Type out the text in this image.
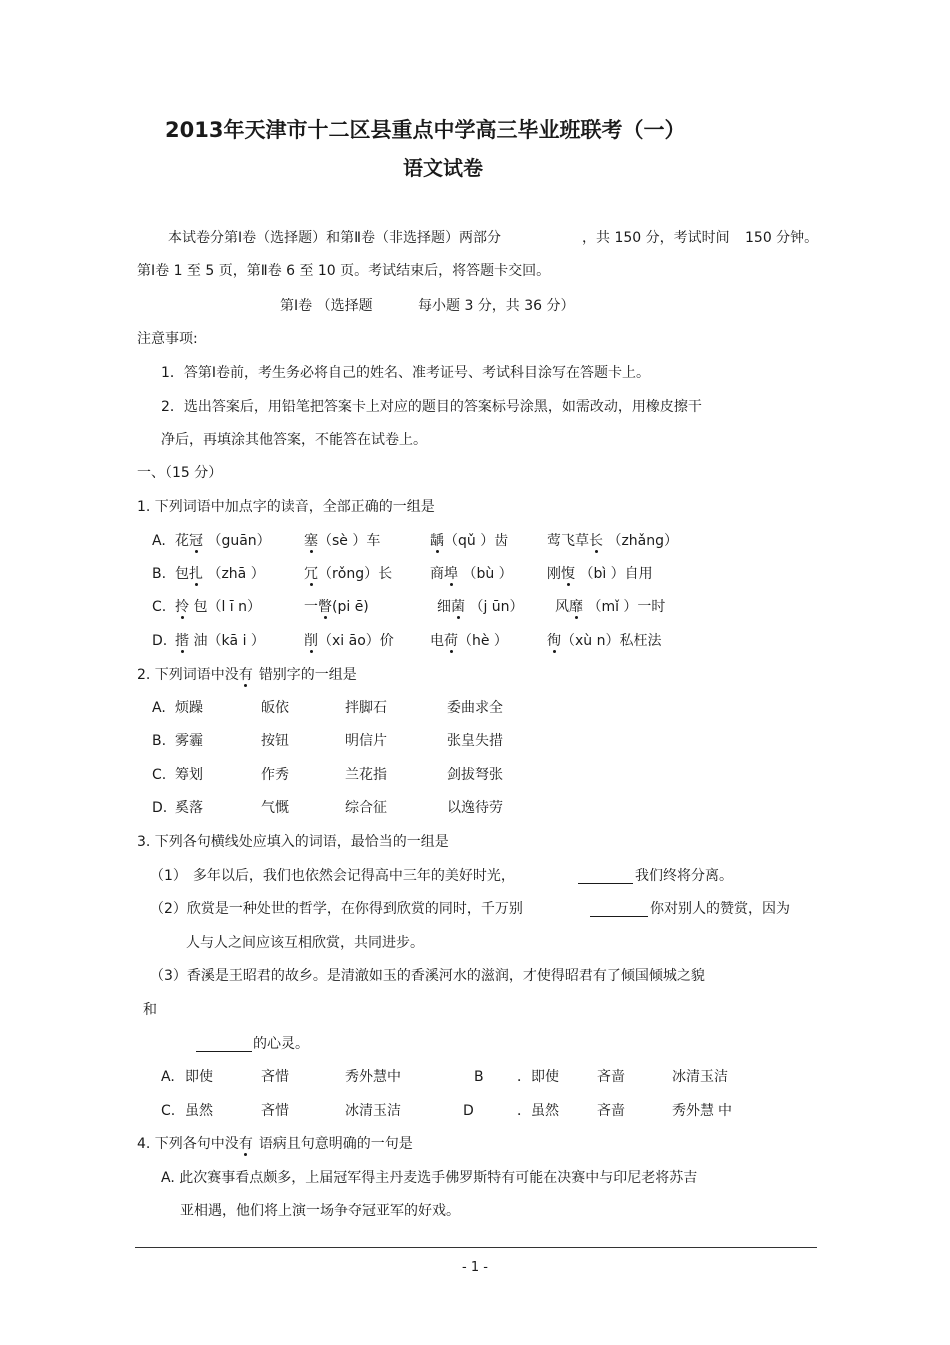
2013年天津市十二区县重点中学高三毕业班联考（一）
语文试卷
本试卷分第Ⅰ卷（选择题）和第Ⅱ卷（非选择题）两部分	，共 150 分，考试时间 150 分钟。
第Ⅰ卷 1 至 5 页，第Ⅱ卷 6 至 10 页。考试结束后，将答题卡交回。
第Ⅰ卷 （选择题	每小题 3 分，共 36 分）
注意事项:
1．答第Ⅰ卷前，考生务必将自己的姓名、准考证号、考试科目涂写在答题卡上。
2．选出答案后，用铅笔把答案卡上对应的题目的答案标号涂黑，如需改动，用橡皮擦干
净后，再填涂其他答案，不能答在试卷上。
一、（15 分）
1. 下列词语中加点字的读音，全部正确的一组是
A. 花冠 （guān） 塞（sè ）车	龋（qǔ ）齿	莺飞草长 （zhǎng）
B. 包扎 （zhā ）	冗（rǒng）长	商埠 （bù ） 刚愎 （bì ）自用
C. 拎 包（l ī n）	一瞥(pi ē)	细菌 （j ūn） 风靡 （mǐ ）一时
D. 揩 油（kā i ）	削（xi āo）价	电荷（hè ）	徇（xù n）私枉法
2. 下列词语中没有 错别字的一组是
A. 烦躁	皈依	拌脚石	委曲求全
B. 雾霾	按钮	明信片	张皇失措
C. 筹划	作秀	兰花指	剑拔弩张
D. 奚落	气慨	综合征	以逸待劳
3. 下列各句横线处应填入的词语，最恰当的一组是
（1） 多年以后，我们也依然会记得高中三年的美好时光，	我们终将分离。
（2）欣赏是一种处世的哲学，在你得到欣赏的同时，千万别	你对别人的赞赏，因为
人与人之间应该互相欣赏，共同进步。
（3）香溪是王昭君的故乡。是清澈如玉的香溪河水的滋润，才使得昭君有了倾国倾城之貌
和
的心灵。
A. 即使	吝惜	秀外慧中	B ．即使	吝啬	冰清玉洁
C. 虽然	吝惜	冰清玉洁	D	．虽然	吝啬	秀外慧 中
4. 下列各句中没有 语病且句意明确的一句是
A. 此次赛事看点颇多，上届冠军得主丹麦选手佛罗斯特有可能在决赛中与印尼老将苏吉
亚相遇，他们将上演一场争夺冠亚军的好戏。
- 1 -
